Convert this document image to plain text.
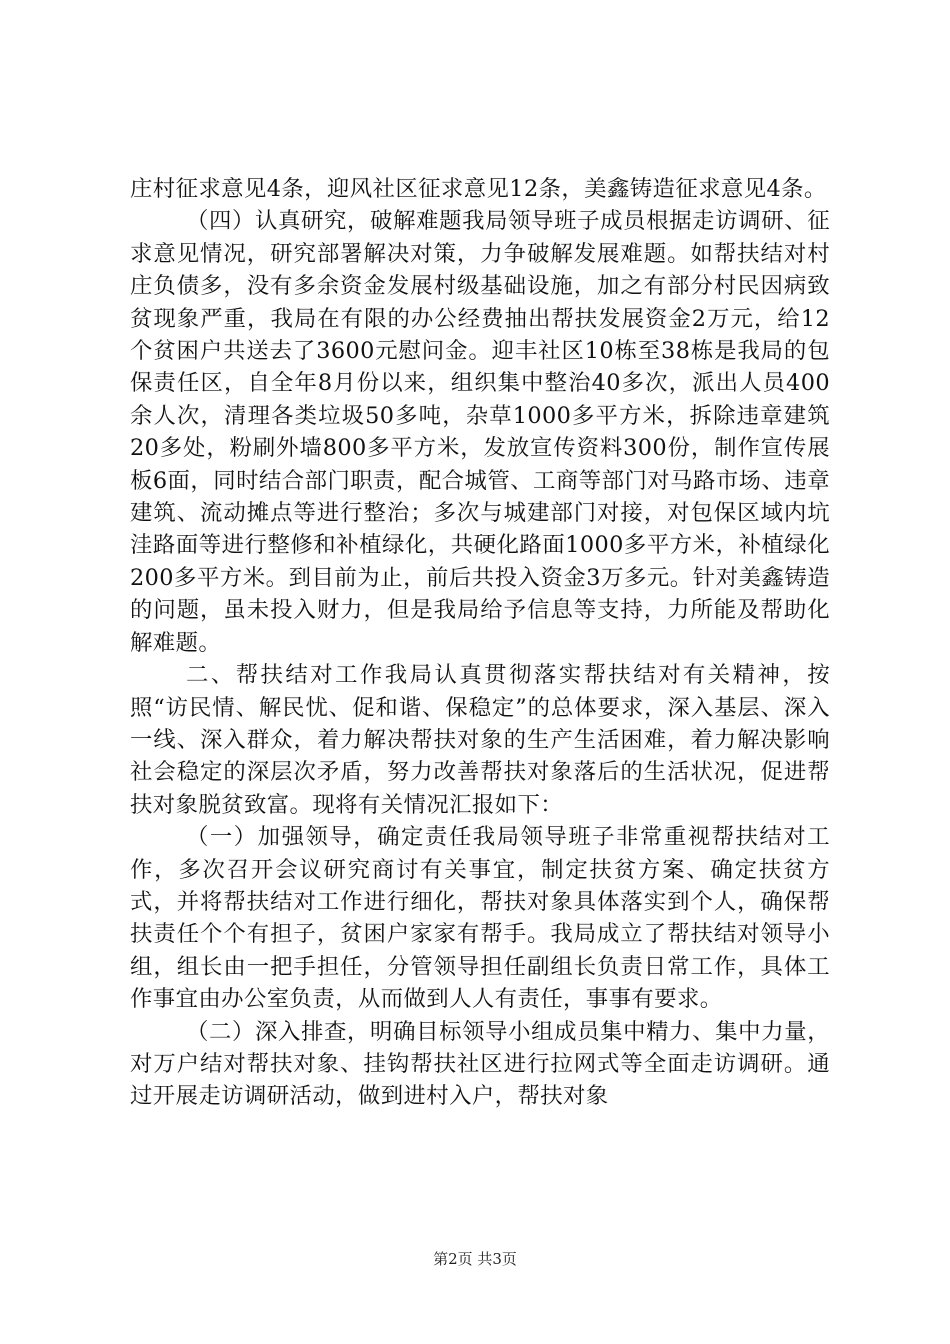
庄村征求意见4条，迎风社区征求意见12条，美鑫铸造征求意见4条。

（四）认真研究，破解难题我局领导班子成员根据走访调研、征求意见情况，研究部署解决对策，力争破解发展难题。如帮扶结对村庄负债多，没有多余资金发展村级基础设施，加之有部分村民因病致贫现象严重，我局在有限的办公经费抽出帮扶发展资金2万元，给12个贫困户共送去了3600元慰问金。迎丰社区10栋至38栋是我局的包保责任区，自全年8月份以来，组织集中整治40多次，派出人员400余人次，清理各类垃圾50多吨，杂草1000多平方米，拆除违章建筑20多处，粉刷外墙800多平方米，发放宣传资料300份，制作宣传展板6面，同时结合部门职责，配合城管、工商等部门对马路市场、违章建筑、流动摊点等进行整治；多次与城建部门对接，对包保区域内坑洼路面等进行整修和补植绿化，共硬化路面1000多平方米，补植绿化200多平方米。到目前为止，前后共投入资金3万多元。针对美鑫铸造的问题，虽未投入财力，但是我局给予信息等支持，力所能及帮助化解难题。

二、帮扶结对工作我局认真贯彻落实帮扶结对有关精神，按照“访民情、解民忧、促和谐、保稳定”的总体要求，深入基层、深入一线、深入群众，着力解决帮扶对象的生产生活困难，着力解决影响社会稳定的深层次矛盾，努力改善帮扶对象落后的生活状况，促进帮扶对象脱贫致富。现将有关情况汇报如下：

（一）加强领导，确定责任我局领导班子非常重视帮扶结对工作，多次召开会议研究商讨有关事宜，制定扶贫方案、确定扶贫方式，并将帮扶结对工作进行细化，帮扶对象具体落实到个人，确保帮扶责任个个有担子，贫困户家家有帮手。我局成立了帮扶结对领导小组，组长由一把手担任，分管领导担任副组长负责日常工作，具体工作事宜由办公室负责，从而做到人人有责任，事事有要求。

（二）深入排查，明确目标领导小组成员集中精力、集中力量，对万户结对帮扶对象、挂钩帮扶社区进行拉网式等全面走访调研。通过开展走访调研活动，做到进村入户，帮扶对象

第2页 共3页
